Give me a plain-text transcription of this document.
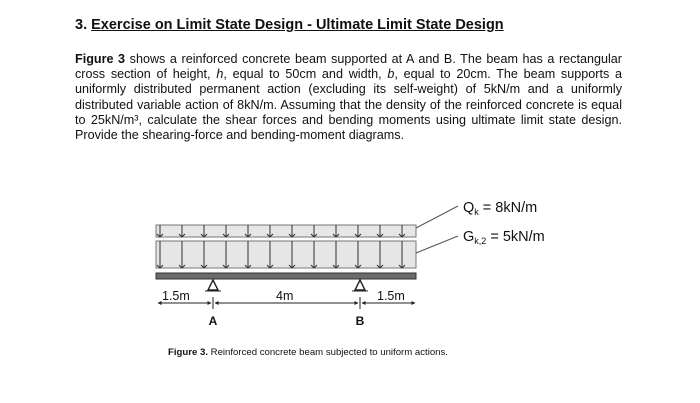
3. Exercise on Limit State Design - Ultimate Limit State Design

Figure 3 shows a reinforced concrete beam supported at A and B. The beam has a rectangular cross section of height, h, equal to 50cm and width, b, equal to 20cm. The beam supports a uniformly distributed permanent action (excluding its self-weight) of 5kN/m and a uniformly distributed variable action of 8kN/m. Assuming that the density of the reinforced concrete is equal to 25kN/m³, calculate the shear forces and bending moments using ultimate limit state design. Provide the shearing-force and bending-moment diagrams.

$Q_k = 8kN/m$
$G_{k,2} = 5kN/m$
1.5m	4m	1.5m
A	B
Figure 3. Reinforced concrete beam subjected to uniform actions.
